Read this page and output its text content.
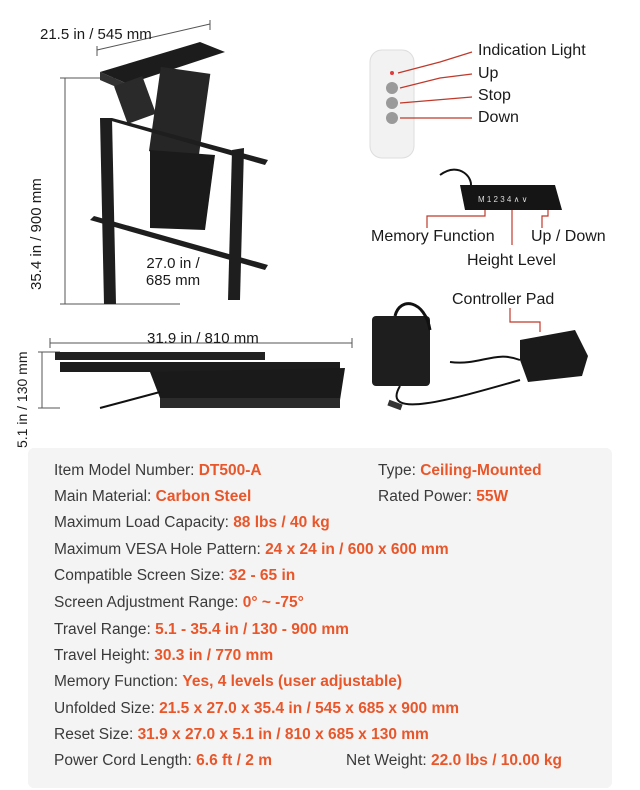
M 1 2 3 4 ∧ ∨
21.5 in / 545 mm
35.4 in / 900 mm	27.0 in /
685 mm
31.9 in / 810 mm
5.1 in / 130 mm
Indication Light
Up
Stop
Down
Memory Function
Height Level
Up / Down
Controller Pad
Item Model Number: DT500-A	Type: Ceiling-Mounted
Main Material: Carbon Steel	Rated Power: 55W
Maximum Load Capacity: 88 lbs / 40 kg
Maximum VESA Hole Pattern: 24 x 24 in / 600 x 600 mm
Compatible Screen Size: 32 - 65 in
Screen Adjustment Range: 0° ~ -75°
Travel Range: 5.1 - 35.4 in / 130 - 900 mm
Travel Height: 30.3 in / 770 mm
Memory Function: Yes, 4 levels (user adjustable)
Unfolded Size: 21.5 x 27.0 x 35.4 in / 545 x 685 x 900 mm
Reset Size: 31.9 x 27.0 x 5.1 in / 810 x 685 x 130 mm
Power Cord Length: 6.6 ft / 2 m	Net Weight: 22.0 lbs / 10.00 kg
